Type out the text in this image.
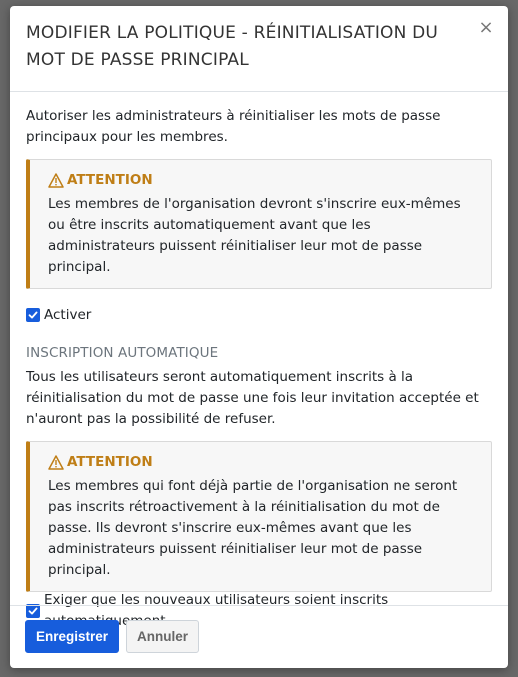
MODIFIER LA POLITIQUE - RÉINITIALISATION DU MOT DE PASSE PRINCIPAL
×

Autoriser les administrateurs à réinitialiser les mots de passe principaux pour les membres.

ATTENTION
Les membres de l'organisation devront s'inscrire eux-mêmes ou être inscrits automatiquement avant que les administrateurs puissent réinitialiser leur mot de passe principal.
Activer
INSCRIPTION AUTOMATIQUE

Tous les utilisateurs seront automatiquement inscrits à la réinitialisation du mot de passe une fois leur invitation acceptée et n'auront pas la possibilité de refuser.

ATTENTION
Les membres qui font déjà partie de l'organisation ne seront pas inscrits rétroactivement à la réinitialisation du mot de passe. Ils devront s'inscrire eux-mêmes avant que les administrateurs puissent réinitialiser leur mot de passe principal.
Exiger que les nouveaux utilisateurs soient inscrits
Enregistrer	Annuler
